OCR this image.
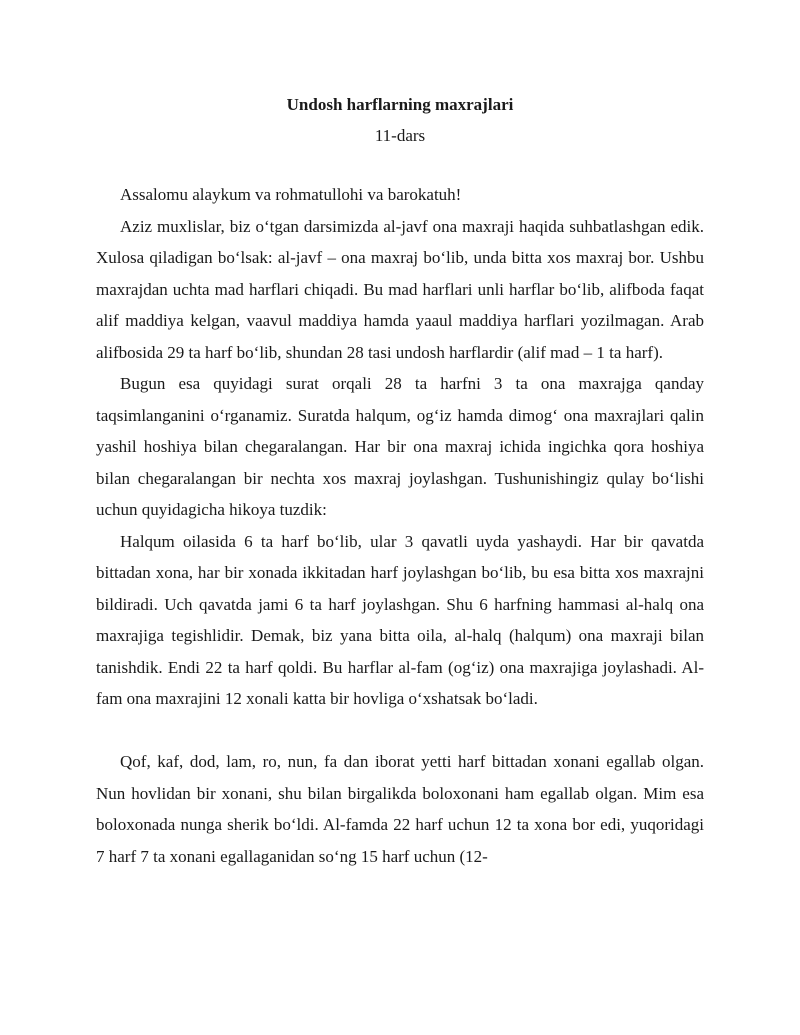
Undosh harflarning maxrajlari

11-dars

Assalomu alaykum va rohmatullohi va barokatuh!

Aziz muxlislar, biz o‘tgan darsimizda al-javf ona maxraji haqida suhbatlashgan edik. Xulosa qiladigan bo‘lsak: al-javf – ona maxraj bo‘lib, unda bitta xos maxraj bor. Ushbu maxrajdan uchta mad harflari chiqadi. Bu mad harflari unli harflar bo‘lib, alifboda faqat alif maddiya kelgan, vaavul maddiya hamda yaaul maddiya harflari yozilmagan. Arab alifbosida 29 ta harf bo‘lib, shundan 28 tasi undosh harflardir (alif mad – 1 ta harf).

Bugun esa quyidagi surat orqali 28 ta harfni 3 ta ona maxrajga qanday taqsimlanganini o‘rganamiz. Suratda halqum, og‘iz hamda dimog‘ ona maxrajlari qalin yashil hoshiya bilan chegaralangan. Har bir ona maxraj ichida ingichka qora hoshiya bilan chegaralangan bir nechta xos maxraj joylashgan. Tushunishingiz qulay bo‘lishi uchun quyidagicha hikoya tuzdik:

Halqum oilasida 6 ta harf bo‘lib, ular 3 qavatli uyda yashaydi. Har bir qavatda bittadan xona, har bir xonada ikkitadan harf joylashgan bo‘lib, bu esa bitta xos maxrajni bildiradi. Uch qavatda jami 6 ta harf joylashgan. Shu 6 harfning hammasi al-halq ona maxrajiga tegishlidir. Demak, biz yana bitta oila, al-halq (halqum) ona maxraji bilan tanishdik. Endi 22 ta harf qoldi. Bu harflar al-fam (og‘iz) ona maxrajiga joylashadi. Al-fam ona maxrajini 12 xonali katta bir hovliga o‘xshatsak bo‘ladi.

Qof, kaf, dod, lam, ro, nun, fa dan iborat yetti harf bittadan xonani egallab olgan. Nun hovlidan bir xonani, shu bilan birgalikda boloxonani ham egallab olgan. Mim esa boloxonada nunga sherik bo‘ldi. Al-famda 22 harf uchun 12 ta xona bor edi, yuqoridagi 7 harf 7 ta xonani egallaganidan so‘ng 15 harf uchun (12-
